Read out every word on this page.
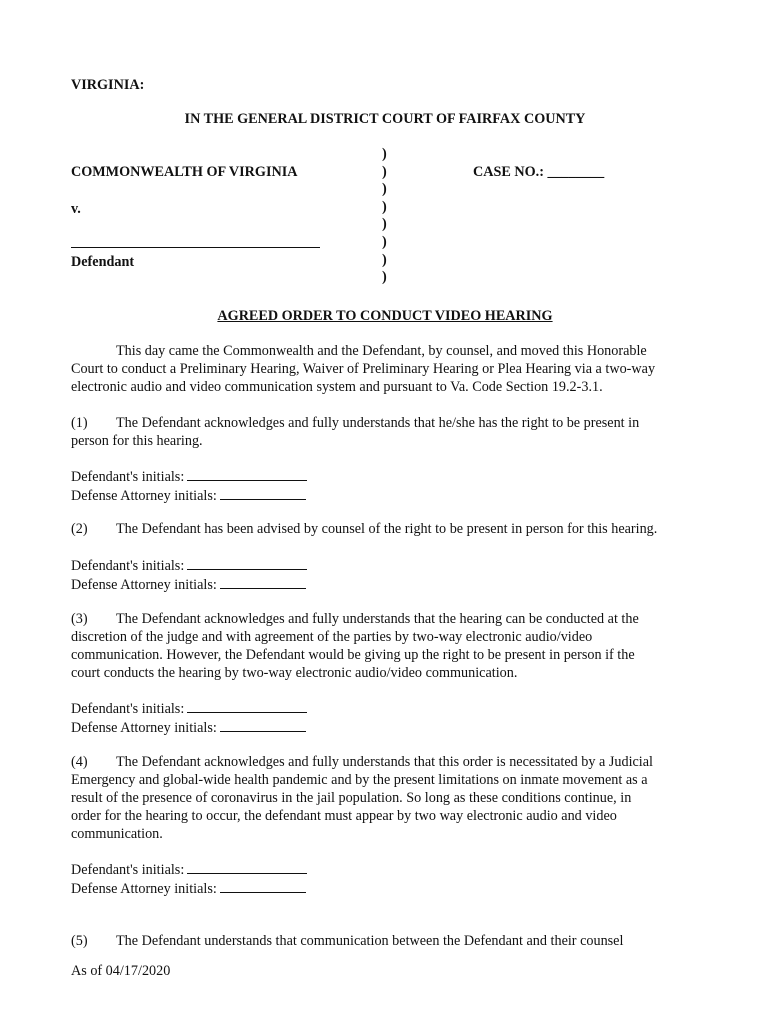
VIRGINIA:
IN THE GENERAL DISTRICT COURT OF FAIRFAX COUNTY
COMMONWEALTH OF VIRGINIA
v.
Defendant
CASE NO.: ________
)
)
)
)
)
)
)
)
AGREED ORDER TO CONDUCT VIDEO HEARING

This day came the Commonwealth and the Defendant, by counsel, and moved this Honorable

Court to conduct a Preliminary Hearing, Waiver of Preliminary Hearing or Plea Hearing via a two-way

electronic audio and video communication system and pursuant to Va. Code Section 19.2-3.1.

(1) The Defendant acknowledges and fully understands that he/she has the right to be present in

person for this hearing.

Defendant's initials:
Defense Attorney initials:

(2) The Defendant has been advised by counsel of the right to be present in person for this hearing.

Defendant's initials:
Defense Attorney initials:

(3) The Defendant acknowledges and fully understands that the hearing can be conducted at the

discretion of the judge and with agreement of the parties by two-way electronic audio/video

communication. However, the Defendant would be giving up the right to be present in person if the

court conducts the hearing by two-way electronic audio/video communication.

Defendant's initials:
Defense Attorney initials:

(4) The Defendant acknowledges and fully understands that this order is necessitated by a Judicial

Emergency and global-wide health pandemic and by the present limitations on inmate movement as a

result of the presence of coronavirus in the jail population. So long as these conditions continue, in

order for the hearing to occur, the defendant must appear by two way electronic audio and video

communication.

Defendant's initials:
Defense Attorney initials:

(5) The Defendant understands that communication between the Defendant and their counsel

As of 04/17/2020
